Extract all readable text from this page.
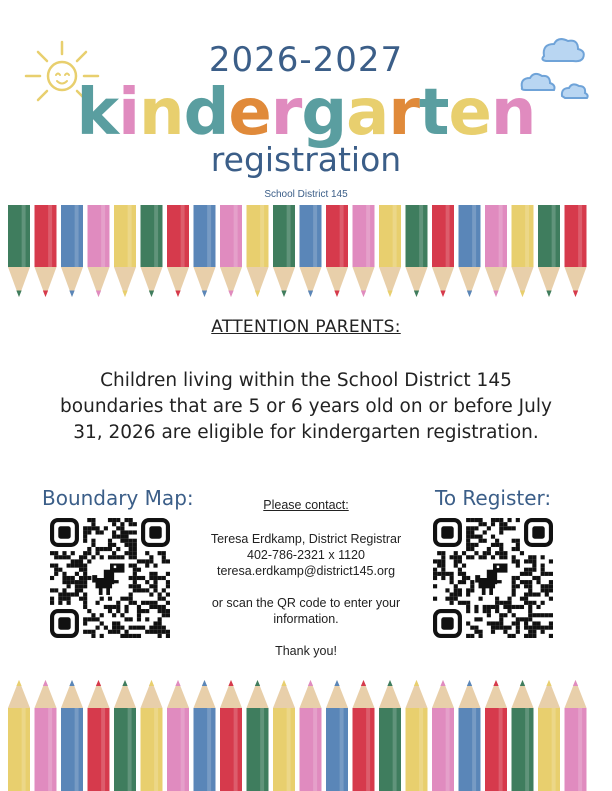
2026-2027
kindergarten
registration
School District 145
ATTENTION PARENTS:
Children living within the School District 145 boundaries that are 5 or 6 years old on or before July 31, 2026 are eligible for kindergarten registration.
Boundary Map:	To Register:
Please contact:
Teresa Erdkamp, District Registrar
402-786-2321 x 1120
teresa.erdkamp@district145.org
or scan the QR code to enter your information.
Thank you!
